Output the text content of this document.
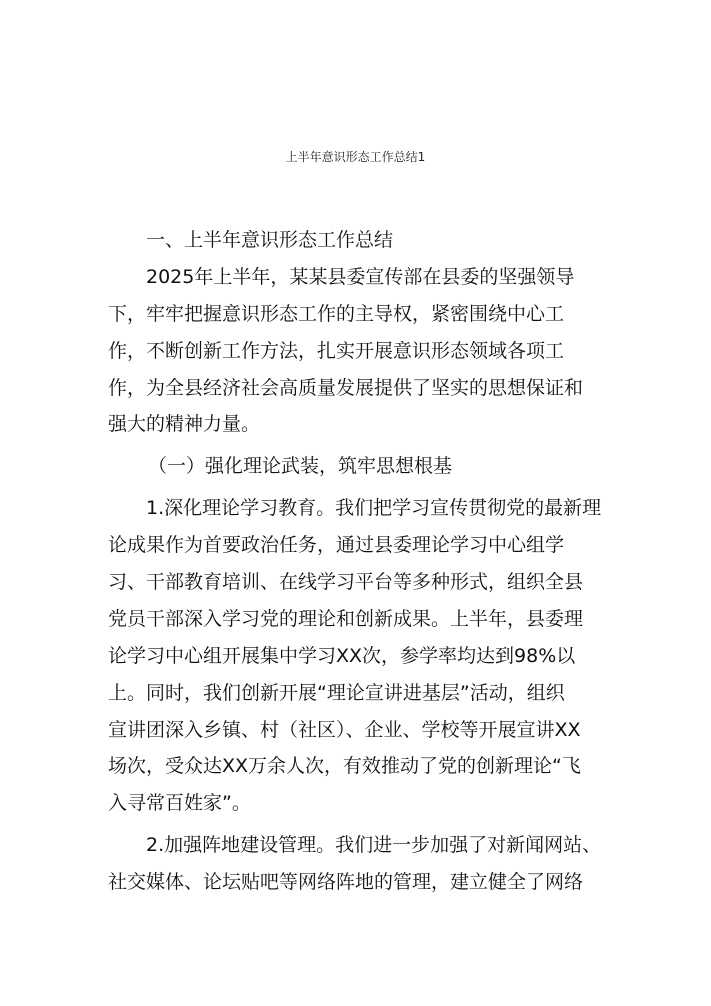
上半年意识形态工作总结1
一、上半年意识形态工作总结
2025年上半年，某某县委宣传部在县委的坚强领导
下，牢牢把握意识形态工作的主导权，紧密围绕中心工
作，不断创新工作方法，扎实开展意识形态领域各项工
作，为全县经济社会高质量发展提供了坚实的思想保证和
强大的精神力量。
（一）强化理论武装，筑牢思想根基
1.深化理论学习教育。我们把学习宣传贯彻党的最新理
论成果作为首要政治任务，通过县委理论学习中心组学
习、干部教育培训、在线学习平台等多种形式，组织全县
党员干部深入学习党的理论和创新成果。上半年，县委理
论学习中心组开展集中学习XX次，参学率均达到98%以
上。同时，我们创新开展“理论宣讲进基层”活动，组织
宣讲团深入乡镇、村（社区）、企业、学校等开展宣讲XX
场次，受众达XX万余人次，有效推动了党的创新理论“飞
入寻常百姓家”。
2.加强阵地建设管理。我们进一步加强了对新闻网站、
社交媒体、论坛贴吧等网络阵地的管理，建立健全了网络
